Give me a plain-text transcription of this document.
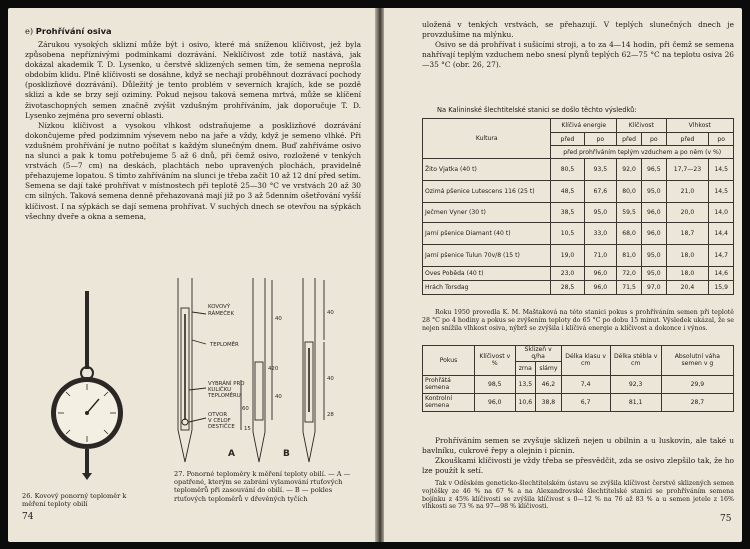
e) Prohřívání osiva

Zárukou vysokých sklizní může být i osivo, které má sníženou klíčivost, jež byla způsobena nepříznivými podmínkami dozrávání. Neklíčivost zde totiž nastává, jak dokázal akademik T. D. Lysenko, u čerstvě sklizených semen tím, že semena neprošla obdobím klidu. Plně klíčivosti se dosáhne, když se nechají proběhnout dozrávací pochody (posklizňové dozrávání). Důležitý je tento problém v severních krajích, kde se pozdě sklizí a kde se brzy sejí oziminy. Pokud nejsou taková semena mrtvá, může se klíčení životaschopných semen značně zvýšit vzdušným prohříváním, jak doporučuje T. D. Lysenko zejména pro severní oblasti.

Nízkou klíčivost a vysokou vlhkost odstraňujeme a posklizňové dozrávání dokončujeme před podzimním výsevem nebo na jaře a vždy, když je semeno vlhké. Při vzdušném prohřívání je nutno počítat s každým slunečným dnem. Buď zahříváme osivo na slunci a pak k tomu potřebujeme 5 až 6 dnů, při čemž osivo, rozložené v tenkých vrstvách (5—7 cm) na deskách, plachtách nebo upravených plochách, pravidelně přehazujeme lopatou. S tímto zahříváním na slunci je třeba začít 10 až 12 dní před setím. Semena se dají také prohřívat v místnostech při teplotě 25—30 °C ve vrstvách 20 až 30 cm silných. Taková semena denně přehazovaná mají již po 3 až 5denním ošetřování vyšší klíčivost. I na sýpkách se dají semena prohřívat. V suchých dnech se otevřou na sýpkách všechny dveře a okna a semena,

26. Kovový ponorný teploměr k měření teploty obilí
KOVOVÝ
RÁMEČEK
TEPLOMĚR
VYBRÁNÍ PRO
KULIČKU
TEPLOMĚRU
OTVOR
V CELOF
DESTIČCE
40
420
40
60
15
40
40
28
A	B
27. Ponorné teploměry k měření teploty obilí. — A —opatřené, kterým se zabrání vylamování rtuťových teploměrů při zasouvání do obilí. — B — pokles rtuťových teploměrů v dřevěných tyčích
74

uložená v tenkých vrstvách, se přehazují. V teplých slunečných dnech je provzdušíme na mlýnku.

Osivo se dá prohřívat i sušicími stroji, a to za 4—14 hodin, při čemž se semena nahřívají teplým vzduchem nebo snesí plynů teplých 62—75 °C na teplotu osiva 26—35 °C (obr. 26, 27).

Na Kalininské šlechtitelské stanici se došlo těchto výsledků:
Kultura	Klíčivá energie		Klíčivost		Vlhkost	
	před	po	před	po	před	po
	před prohříváním teplým vzduchem a po něm (v %)					
Žito Vjatka (40 t)	80,5	93,5	92,0	96,5	17,7—23	14,5
Ozimá pšenice Lutescens 116 (25 t)	48,5	67,6	80,0	95,0	21,0	14,5
Ječmen Vyner (30 t)	38,5	95,0	59,5	96,0	20,0	14,0
Jarní pšenice Diamant (40 t)	10,5	33,0	68,0	96,0	18,7	14,4
Jarní pšenice Tulun 70v/8 (15 t)	19,0	71,0	81,0	95,0	18,0	14,7
Oves Poběda (40 t)	23,0	96,0	72,0	95,0	18,0	14,6
Hrách Torsdag	28,5	96,0	71,5	97,0	20,4	15,9

Roku 1950 provedla K. M. Maštaková na této stanici pokus s prohříváním semen při teplotě 28 °C po 4 hodiny a pokus se zvýšením teploty do 65 °C po dobu 15 minut. Výsledek ukázal, že se nejen snížila vlhkost osiva, nýbrž se zvýšila i klíčivá energie a klíčivost a dokonce i výnos.

Pokus	Klíčivost v %	Sklizeň v q/ha		Délka klasu v cm	Délka stébla v cm	Absolutní váha semen v g
		zrna	slámy			
Prohřátá semena	98,5	13,5	46,2	7,4	92,3	29,9
Kontrolní semena	96,0	10,6	38,8	6,7	81,1	28,7

Prohříváním semen se zvyšuje sklizeň nejen u obilnin a u luskovin, ale také u bavlníku, cukrové řepy a olejnin i pícnin.

Zkouškami klíčivosti je vždy třeba se přesvědčit, zda se osivo zlepšilo tak, že ho lze použít k setí.

Tak v Oděském geneticko-šlechtitelském ústavu se zvýšila klíčivost čerstvě sklizených semen vojtěšky ze 46 % na 67 % a na Alexandrovské šlechtitelské stanici se prohříváním semena bojínku z 45% klíčivosti se zvýšila klíčivost s 0—12 % na 76 až 83 % a u semen jetele z 16% vlhkosti se 73 % na 97—98 % klíčivosti.

75
